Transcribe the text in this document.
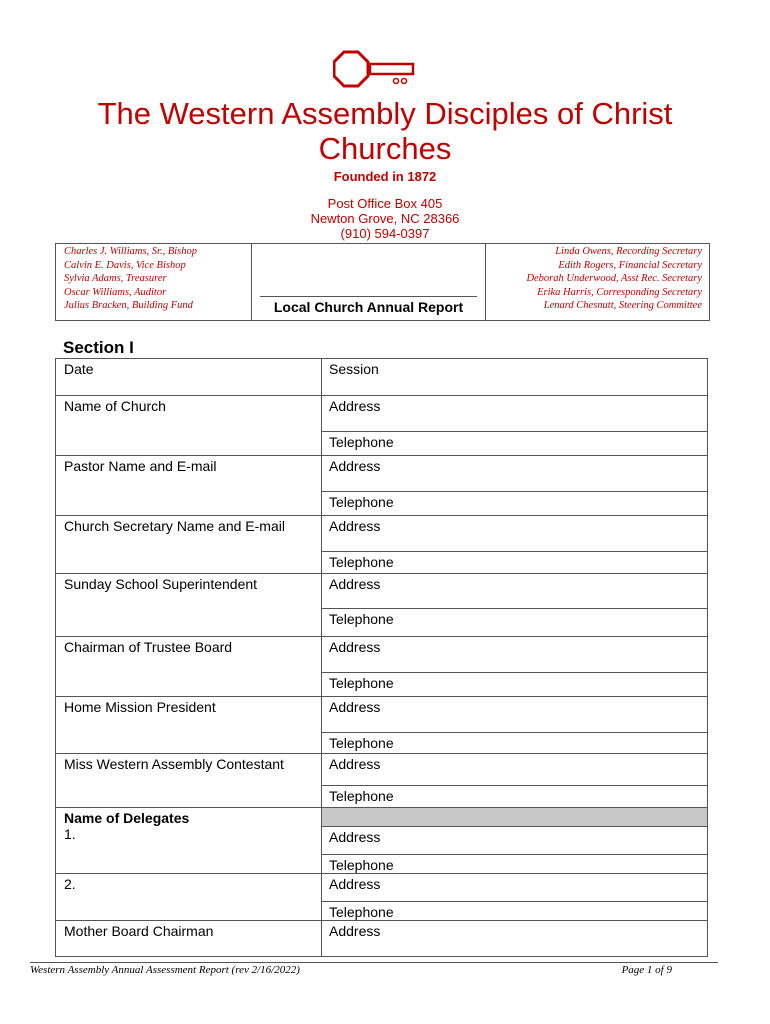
The Western Assembly Disciples of Christ
Churches
Founded in 1872
Post Office Box 405
Newton Grove, NC 28366
(910) 594-0397
Charles J. Williams, Sr., Bishop
Calvin E. Davis, Vice Bishop
Sylvia Adams, Treasurer
Oscar Williams, Auditor
Julius Bracken, Building Fund	Local Church Annual Report
Linda Owens, Recording Secretary
Edith Rogers, Financial Secretary
Deborah Underwood, Asst Rec. Secretary
Erika Harris, Corresponding Secretary
Lenard Chesnutt, Steering Committee
Section I
Date	Session
Name of Church	Address
	Telephone
Pastor Name and E-mail	Address
	Telephone
Church Secretary Name and E-mail	Address
	Telephone
Sunday School Superintendent	Address
	Telephone
Chairman of Trustee Board	Address
	Telephone
Home Mission President	Address
	Telephone
Miss Western Assembly Contestant	Address
	Telephone
Name of Delegates	
1.	Address
	Telephone
2.	Address
	Telephone
Mother Board Chairman	Address
Western Assembly Annual Assessment Report (rev 2/16/2022)	Page 1 of 9
